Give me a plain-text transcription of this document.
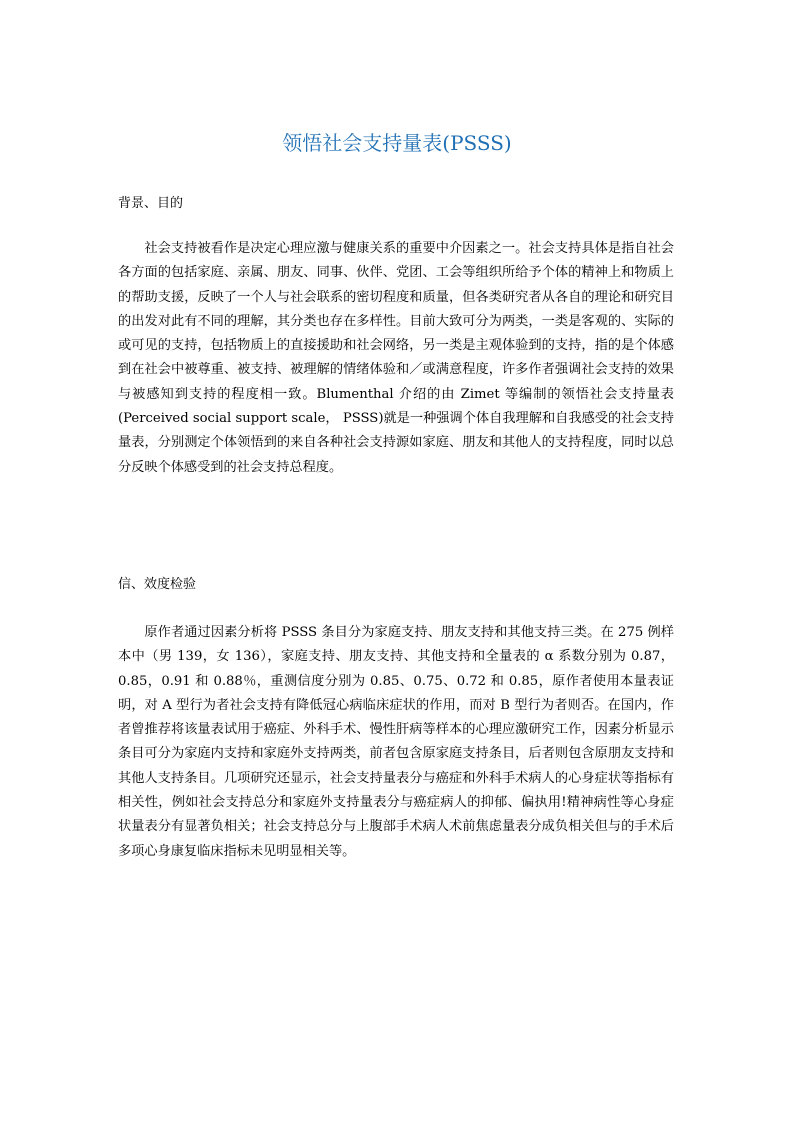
领悟社会支持量表(PSSS)
背景、目的

社会支持被看作是决定心理应激与健康关系的重要中介因素之一。社会支持具体是指自社会各方面的包括家庭、亲属、朋友、同事、伙伴、党团、工会等组织所给予个体的精神上和物质上的帮助支援，反映了一个人与社会联系的密切程度和质量，但各类研究者从各自的理论和研究目的出发对此有不同的理解，其分类也存在多样性。目前大致可分为两类，一类是客观的、实际的或可见的支持，包括物质上的直接援助和社会网络，另一类是主观体验到的支持，指的是个体感到在社会中被尊重、被支持、被理解的情绪体验和／或满意程度，许多作者强调社会支持的效果与被感知到支持的程度相一致。Blumenthal 介绍的由 Zimet 等编制的领悟社会支持量表(Perceived social support scale， PSSS)就是一种强调个体自我理解和自我感受的社会支持量表，分别测定个体领悟到的来自各种社会支持源如家庭、朋友和其他人的支持程度，同时以总分反映个体感受到的社会支持总程度。

信、效度检验

原作者通过因素分析将 PSSS 条目分为家庭支持、朋友支持和其他支持三类。在 275 例样本中（男 139，女 136），家庭支持、朋友支持、其他支持和全量表的 α 系数分别为 0.87，0.85，0.91 和 0.88％，重测信度分别为 0.85、0.75、0.72 和 0.85，原作者使用本量表证明，对 A 型行为者社会支持有降低冠心病临床症状的作用，而对 B 型行为者则否。在国内，作者曾推荐将该量表试用于癌症、外科手术、慢性肝病等样本的心理应激研究工作，因素分析显示条目可分为家庭内支持和家庭外支持两类，前者包含原家庭支持条目，后者则包含原朋友支持和其他人支持条目。几项研究还显示，社会支持量表分与癌症和外科手术病人的心身症状等指标有相关性，例如社会支持总分和家庭外支持量表分与癌症病人的抑郁、偏执用!精神病性等心身症状量表分有显著负相关；社会支持总分与上腹部手术病人术前焦虑量表分成负相关但与的手术后多项心身康复临床指标未见明显相关等。
